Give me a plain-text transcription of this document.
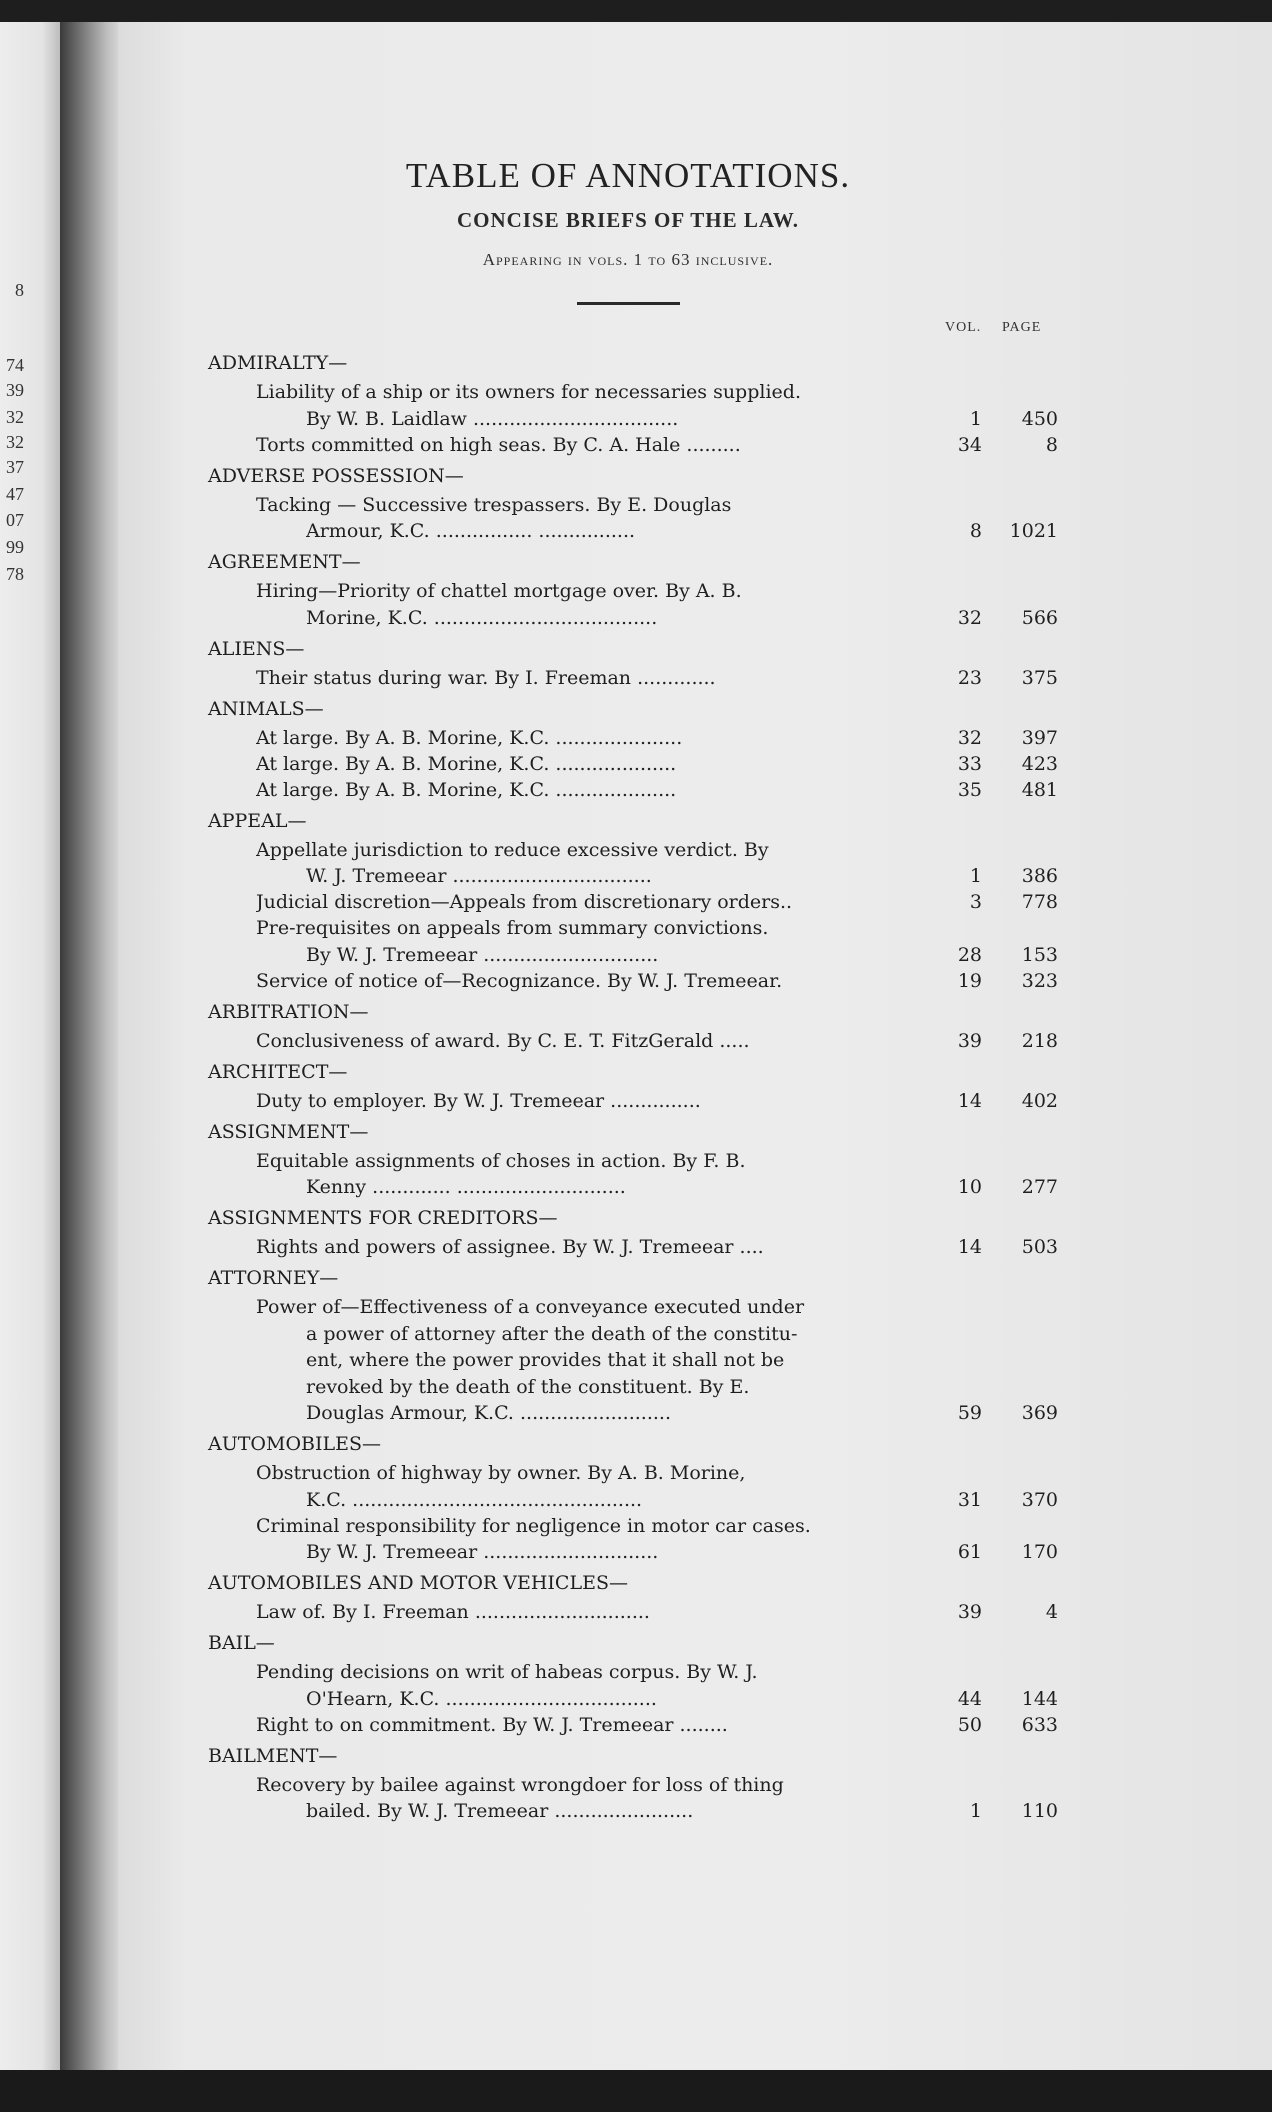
8
74
39
32
32
37
47
07
99
78
TABLE OF ANNOTATIONS.
CONCISE BRIEFS OF THE LAW.
Appearing in vols. 1 to 63 inclusive.
VOL. PAGE
ADMIRALTY—
Liability of a ship or its owners for necessaries supplied.
By W. B. Laidlaw ..................................	1	450
Torts committed on high seas. By C. A. Hale .........	34	8
ADVERSE POSSESSION—
Tacking — Successive trespassers. By E. Douglas
Armour, K.C. ................ ................	8	1021
AGREEMENT—
Hiring—Priority of chattel mortgage over. By A. B.
Morine, K.C. .....................................	32	566
ALIENS—
Their status during war. By I. Freeman .............	23	375
ANIMALS—
At large. By A. B. Morine, K.C. .....................	32	397
At large. By A. B. Morine, K.C. ....................	33	423
At large. By A. B. Morine, K.C. ....................	35	481
APPEAL—
Appellate jurisdiction to reduce excessive verdict. By
W. J. Tremeear .................................	1	386
Judicial discretion—Appeals from discretionary orders..	3	778
Pre-requisites on appeals from summary convictions.
By W. J. Tremeear .............................	28	153
Service of notice of—Recognizance. By W. J. Tremeear.	19	323
ARBITRATION—
Conclusiveness of award. By C. E. T. FitzGerald .....	39	218
ARCHITECT—
Duty to employer. By W. J. Tremeear ...............	14	402
ASSIGNMENT—
Equitable assignments of choses in action. By F. B.
Kenny ............. ............................	10	277
ASSIGNMENTS FOR CREDITORS—
Rights and powers of assignee. By W. J. Tremeear ....	14	503
ATTORNEY—
Power of—Effectiveness of a conveyance executed under
a power of attorney after the death of the constitu-
ent, where the power provides that it shall not be
revoked by the death of the constituent. By E.
Douglas Armour, K.C. .........................	59	369
AUTOMOBILES—
Obstruction of highway by owner. By A. B. Morine,
K.C. ................................................	31	370
Criminal responsibility for negligence in motor car cases.
By W. J. Tremeear .............................	61	170
AUTOMOBILES AND MOTOR VEHICLES—
Law of. By I. Freeman .............................	39	4
BAIL—
Pending decisions on writ of habeas corpus. By W. J.
O'Hearn, K.C. ...................................	44	144
Right to on commitment. By W. J. Tremeear ........	50	633
BAILMENT—
Recovery by bailee against wrongdoer for loss of thing
bailed. By W. J. Tremeear .......................	1	110
